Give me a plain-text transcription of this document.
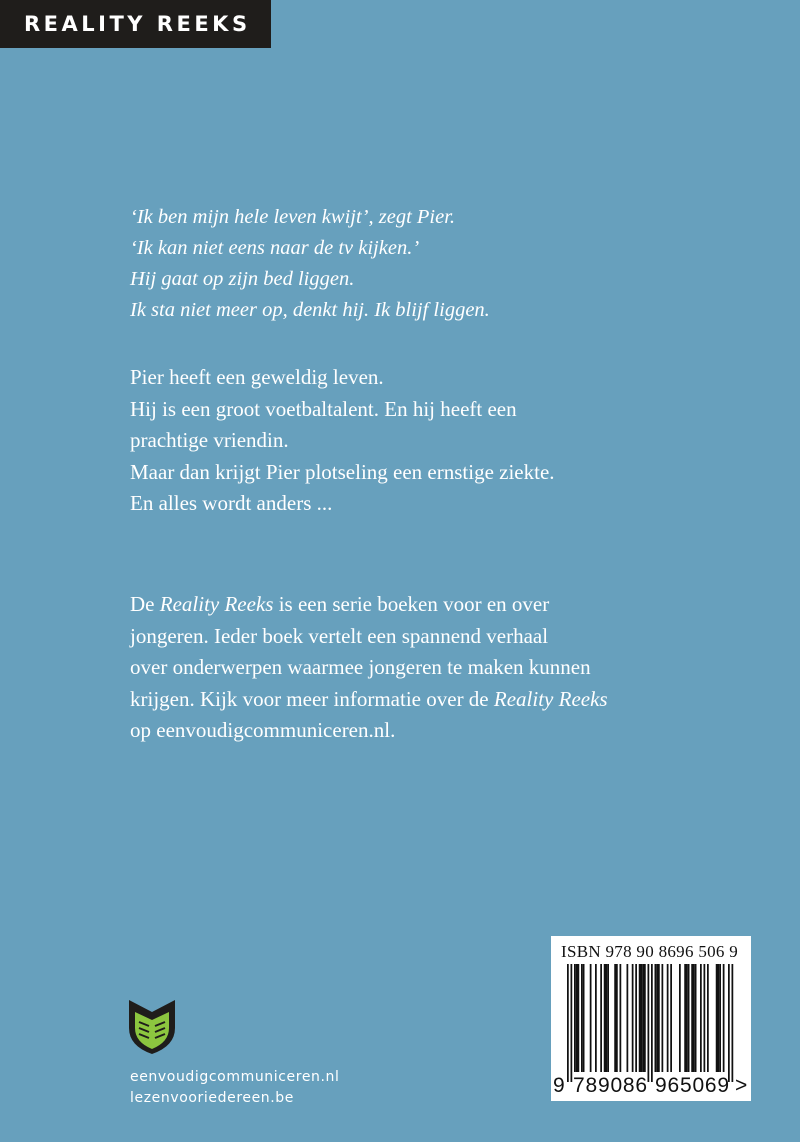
REALITY REEKS
‘Ik ben mijn hele leven kwijt’, zegt Pier.
‘Ik kan niet eens naar de tv kijken.’
Hij gaat op zijn bed liggen.
Ik sta niet meer op, denkt hij. Ik blijf liggen.
Pier heeft een geweldig leven.
Hij is een groot voetbaltalent. En hij heeft een
prachtige vriendin.
Maar dan krijgt Pier plotseling een ernstige ziekte.
En alles wordt anders ...
De Reality Reeks is een serie boeken voor en over
jongeren. Ieder boek vertelt een spannend verhaal
over onderwerpen waarmee jongeren te maken kunnen
krijgen. Kijk voor meer informatie over de Reality Reeks
op eenvoudigcommuniceren.nl.
eenvoudigcommuniceren.nl
lezenvooriedereen.be
ISBN 978 90 8696 506 9
9 789086 965069 >
